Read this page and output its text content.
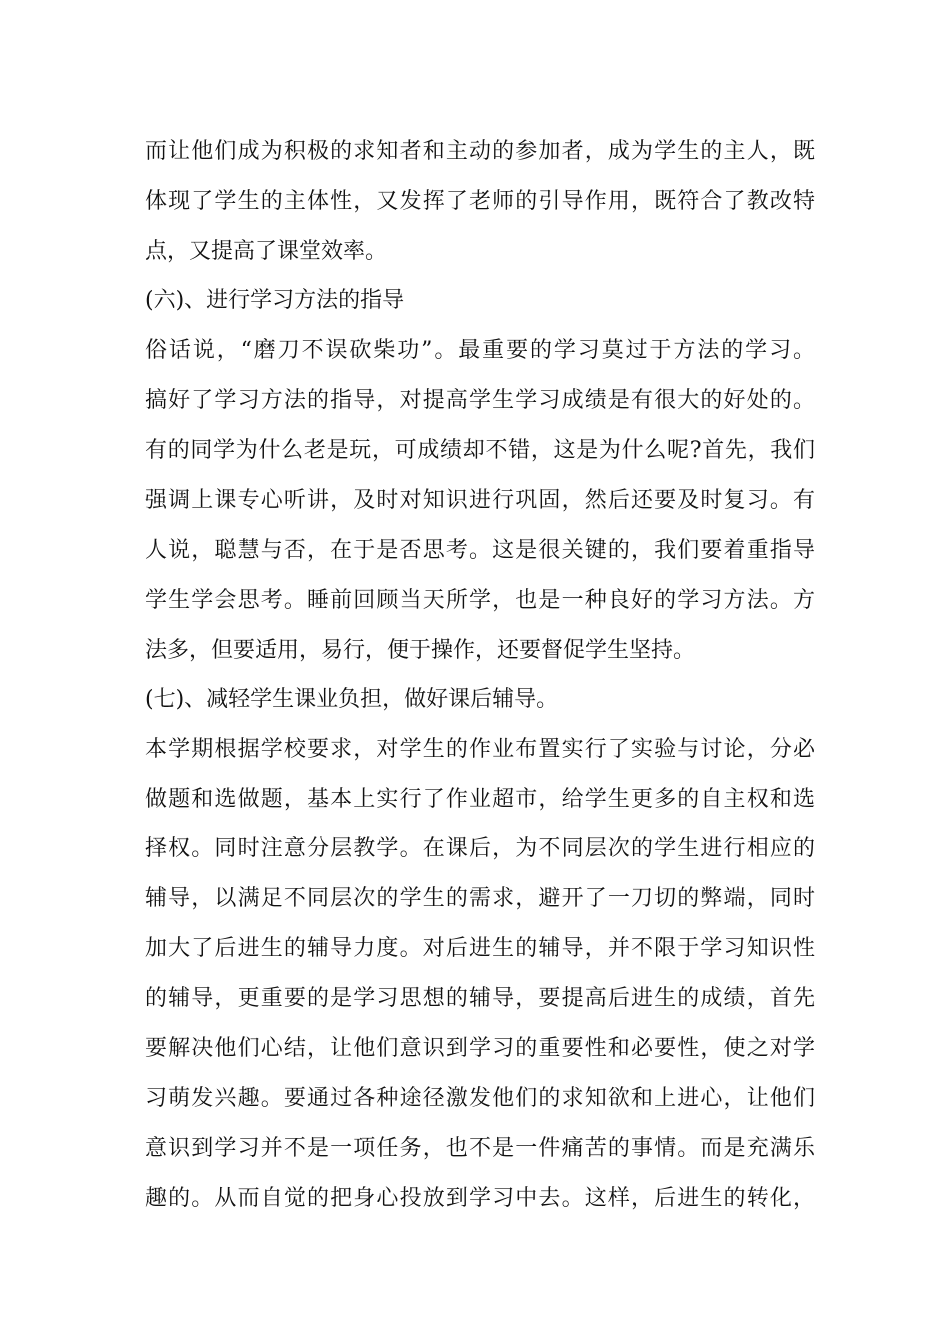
而让他们成为积极的求知者和主动的参加者，成为学生的主人，既
体现了学生的主体性，又发挥了老师的引导作用，既符合了教改特
点，又提高了课堂效率。
(六)、进行学习方法的指导
俗话说，“磨刀不误砍柴功”。最重要的学习莫过于方法的学习。
搞好了学习方法的指导，对提高学生学习成绩是有很大的好处的。
有的同学为什么老是玩，可成绩却不错，这是为什么呢?首先，我们
强调上课专心听讲，及时对知识进行巩固，然后还要及时复习。有
人说，聪慧与否，在于是否思考。这是很关键的，我们要着重指导
学生学会思考。睡前回顾当天所学，也是一种良好的学习方法。方
法多，但要适用，易行，便于操作，还要督促学生坚持。
(七)、减轻学生课业负担，做好课后辅导。
本学期根据学校要求，对学生的作业布置实行了实验与讨论，分必
做题和选做题，基本上实行了作业超市，给学生更多的自主权和选
择权。同时注意分层教学。在课后，为不同层次的学生进行相应的
辅导，以满足不同层次的学生的需求，避开了一刀切的弊端，同时
加大了后进生的辅导力度。对后进生的辅导，并不限于学习知识性
的辅导，更重要的是学习思想的辅导，要提高后进生的成绩，首先
要解决他们心结，让他们意识到学习的重要性和必要性，使之对学
习萌发兴趣。要通过各种途径激发他们的求知欲和上进心，让他们
意识到学习并不是一项任务，也不是一件痛苦的事情。而是充满乐
趣的。从而自觉的把身心投放到学习中去。这样，后进生的转化，
